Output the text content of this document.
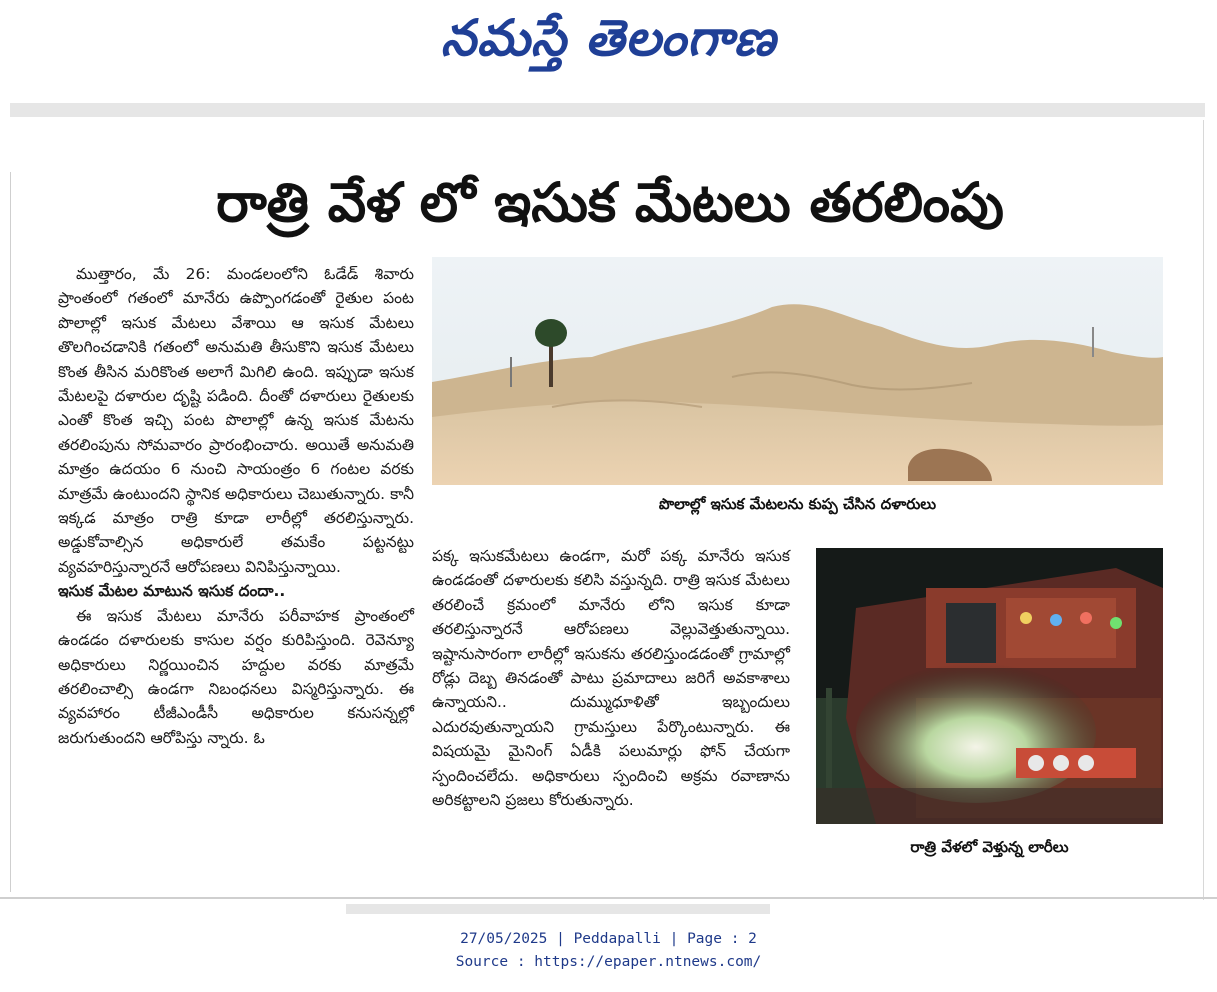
నమస్తే తెలంగాణ
రాత్రి వేళ లో ఇసుక మేటలు తరలింపు

ముత్తారం, మే 26: మండలంలోని ఓడేడ్ శివారు ప్రాంతంలో గతంలో మానేరు ఉప్పొంగడంతో రైతుల పంట పొలాల్లో ఇసుక మేటలు వేశాయి ఆ ఇసుక మేటలు తొలగించడానికి గతంలో అనుమతి తీసుకొని ఇసుక మేటలు కొంత తీసిన మరికొంత అలాగే మిగిలి ఉంది. ఇప్పుడా ఇసుక మేటలపై దళారుల దృష్టి పడింది. దీంతో దళారులు రైతులకు ఎంతో కొంత ఇచ్చి పంట పొలాల్లో ఉన్న ఇసుక మేటను తరలింపును సోమవారం ప్రారంభించారు. అయితే అనుమతి మాత్రం ఉదయం 6 నుంచి సాయంత్రం 6 గంటల వరకు మాత్రమే ఉంటుందని స్థానిక అధికారులు చెబుతున్నారు. కానీ ఇక్కడ మాత్రం రాత్రి కూడా లారీల్లో తరలిస్తున్నారు. అడ్డుకోవాల్సిన అధికారులే తమకేం పట్టనట్టు వ్యవహరిస్తున్నారనే ఆరోపణలు వినిపిస్తున్నాయి.

ఇసుక మేటల మాటున ఇసుక దందా..

ఈ ఇసుక మేటలు మానేరు పరీవాహక ప్రాంతంలో ఉండడం దళారులకు కాసుల వర్షం కురిపిస్తుంది. రెవెన్యూ అధికారులు నిర్ణయించిన హద్దుల వరకు మాత్రమే తరలించాల్సి ఉండగా నిబంధనలు విస్మరిస్తున్నారు. ఈ వ్యవహారం టీజీఎండీసీ అధికారుల కనుసన్నల్లో జరుగుతుందని ఆరోపిస్తు న్నారు. ఓ

పొలాల్లో ఇసుక మేటలను కుప్ప చేసిన దళారులు

పక్క ఇసుకమేటలు ఉండగా, మరో పక్క మానేరు ఇసుక ఉండడంతో దళారులకు కలిసి వస్తున్నది. రాత్రి ఇసుక మేటలు తరలించే క్రమంలో మానేరు లోని ఇసుక కూడా తరలిస్తున్నారనే ఆరోపణలు వెల్లువెత్తుతున్నాయి. ఇష్టానుసారంగా లారీల్లో ఇసుకను తరలిస్తుండడంతో గ్రామాల్లో రోడ్లు దెబ్బ తినడంతో పాటు ప్రమాదాలు జరిగే అవకాశాలు ఉన్నాయని.. దుమ్ముధూళితో ఇబ్బందులు ఎదురవుతున్నాయని గ్రామస్తులు పేర్కొంటున్నారు. ఈ విషయమై మైనింగ్ ఏడీకి పలుమార్లు ఫోన్ చేయగా స్పందించలేదు. అధికారులు స్పందించి అక్రమ రవాణాను అరికట్టాలని ప్రజలు కోరుతున్నారు.

రాత్రి వేళలో వెళ్తున్న లారీలు
27/05/2025 | Peddapalli | Page : 2
Source : https://epaper.ntnews.com/
